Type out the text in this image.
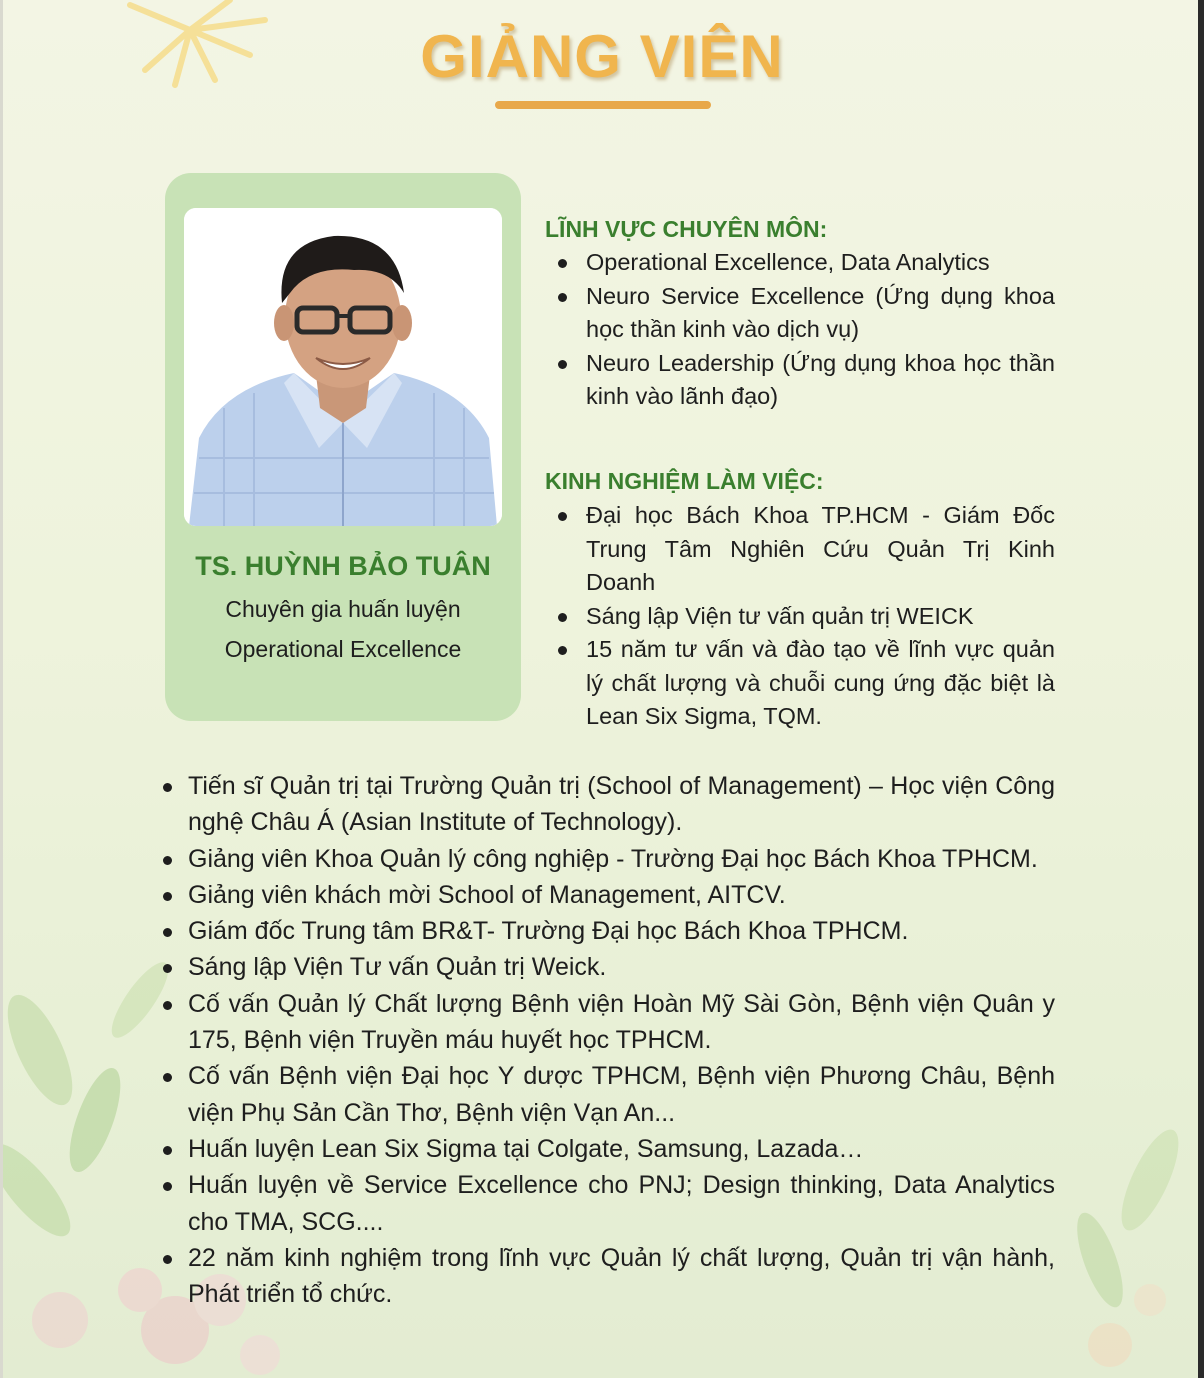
GIẢNG VIÊN
TS. HUỲNH BẢO TUÂN
Chuyên gia huấn luyện
Operational Excellence
LĨNH VỰC CHUYÊN MÔN:
Operational Excellence, Data Analytics
Neuro Service Excellence (Ứng dụng khoa học thần kinh vào dịch vụ)
Neuro Leadership (Ứng dụng khoa học thần kinh vào lãnh đạo)
KINH NGHIỆM LÀM VIỆC:
Đại học Bách Khoa TP.HCM - Giám Đốc Trung Tâm Nghiên Cứu Quản Trị Kinh Doanh
Sáng lập Viện tư vấn quản trị WEICK
15 năm tư vấn và đào tạo về lĩnh vực quản lý chất lượng và chuỗi cung ứng đặc biệt là Lean Six Sigma, TQM.
Tiến sĩ Quản trị tại Trường Quản trị (School of Management) – Học viện Công nghệ Châu Á (Asian Institute of Technology).
Giảng viên Khoa Quản lý công nghiệp - Trường Đại học Bách Khoa TPHCM.
Giảng viên khách mời School of Management, AITCV.
Giám đốc Trung tâm BR&T- Trường Đại học Bách Khoa TPHCM.
Sáng lập Viện Tư vấn Quản trị Weick.
Cố vấn Quản lý Chất lượng Bệnh viện Hoàn Mỹ Sài Gòn, Bệnh viện Quân y 175, Bệnh viện Truyền máu huyết học TPHCM.
Cố vấn Bệnh viện Đại học Y dược TPHCM, Bệnh viện Phương Châu, Bệnh viện Phụ Sản Cần Thơ, Bệnh viện Vạn An...
Huấn luyện Lean Six Sigma tại Colgate, Samsung, Lazada…
Huấn luyện về Service Excellence cho PNJ; Design thinking, Data Analytics cho TMA, SCG....
22 năm kinh nghiệm trong lĩnh vực Quản lý chất lượng, Quản trị vận hành, Phát triển tổ chức.
